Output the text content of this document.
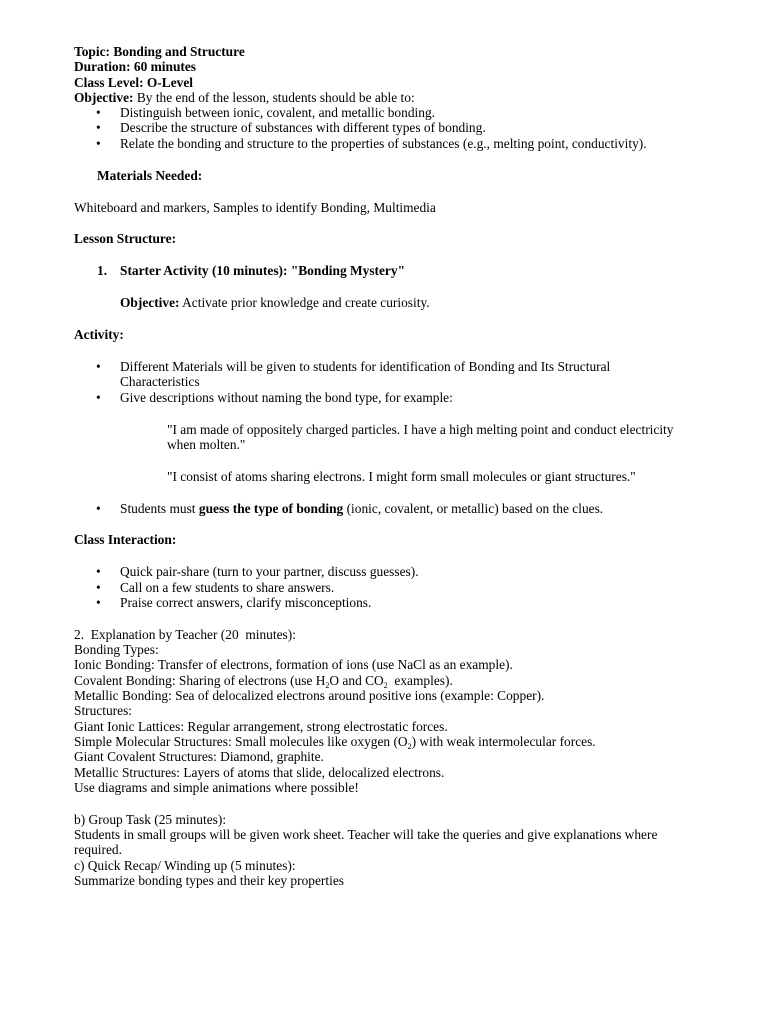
Topic: Bonding and Structure
Duration: 60 minutes
Class Level: O-Level
Objective: By the end of the lesson, students should be able to:
• Distinguish between ionic, covalent, and metallic bonding.
• Describe the structure of substances with different types of bonding.
• Relate the bonding and structure to the properties of substances (e.g., melting point, conductivity).
Materials Needed:
Whiteboard and markers, Samples to identify Bonding, Multimedia
Lesson Structure:
1. Starter Activity (10 minutes): "Bonding Mystery"
Objective: Activate prior knowledge and create curiosity.
Activity:
• Different Materials will be given to students for identification of Bonding and Its Structural Characteristics
• Give descriptions without naming the bond type, for example:
"I am made of oppositely charged particles. I have a high melting point and conduct electricity when molten."
"I consist of atoms sharing electrons. I might form small molecules or giant structures."
• Students must guess the type of bonding (ionic, covalent, or metallic) based on the clues.
Class Interaction:
• Quick pair-share (turn to your partner, discuss guesses).
• Call on a few students to share answers.
• Praise correct answers, clarify misconceptions.
2.  Explanation by Teacher (20  minutes):
Bonding Types:
Ionic Bonding: Transfer of electrons, formation of ions (use NaCl as an example).
Covalent Bonding: Sharing of electrons (use $H_2O$ and $CO_2$  examples).
Metallic Bonding: Sea of delocalized electrons around positive ions (example: Copper).
Structures:
Giant Ionic Lattices: Regular arrangement, strong electrostatic forces.
Simple Molecular Structures: Small molecules like oxygen $(O_2)$ with weak intermolecular forces.
Giant Covalent Structures: Diamond, graphite.
Metallic Structures: Layers of atoms that slide, delocalized electrons.
Use diagrams and simple animations where possible!
b) Group Task (25 minutes):
Students in small groups will be given work sheet. Teacher will take the queries and give explanations where required.
c) Quick Recap/ Winding up (5 minutes):
Summarize bonding types and their key properties
